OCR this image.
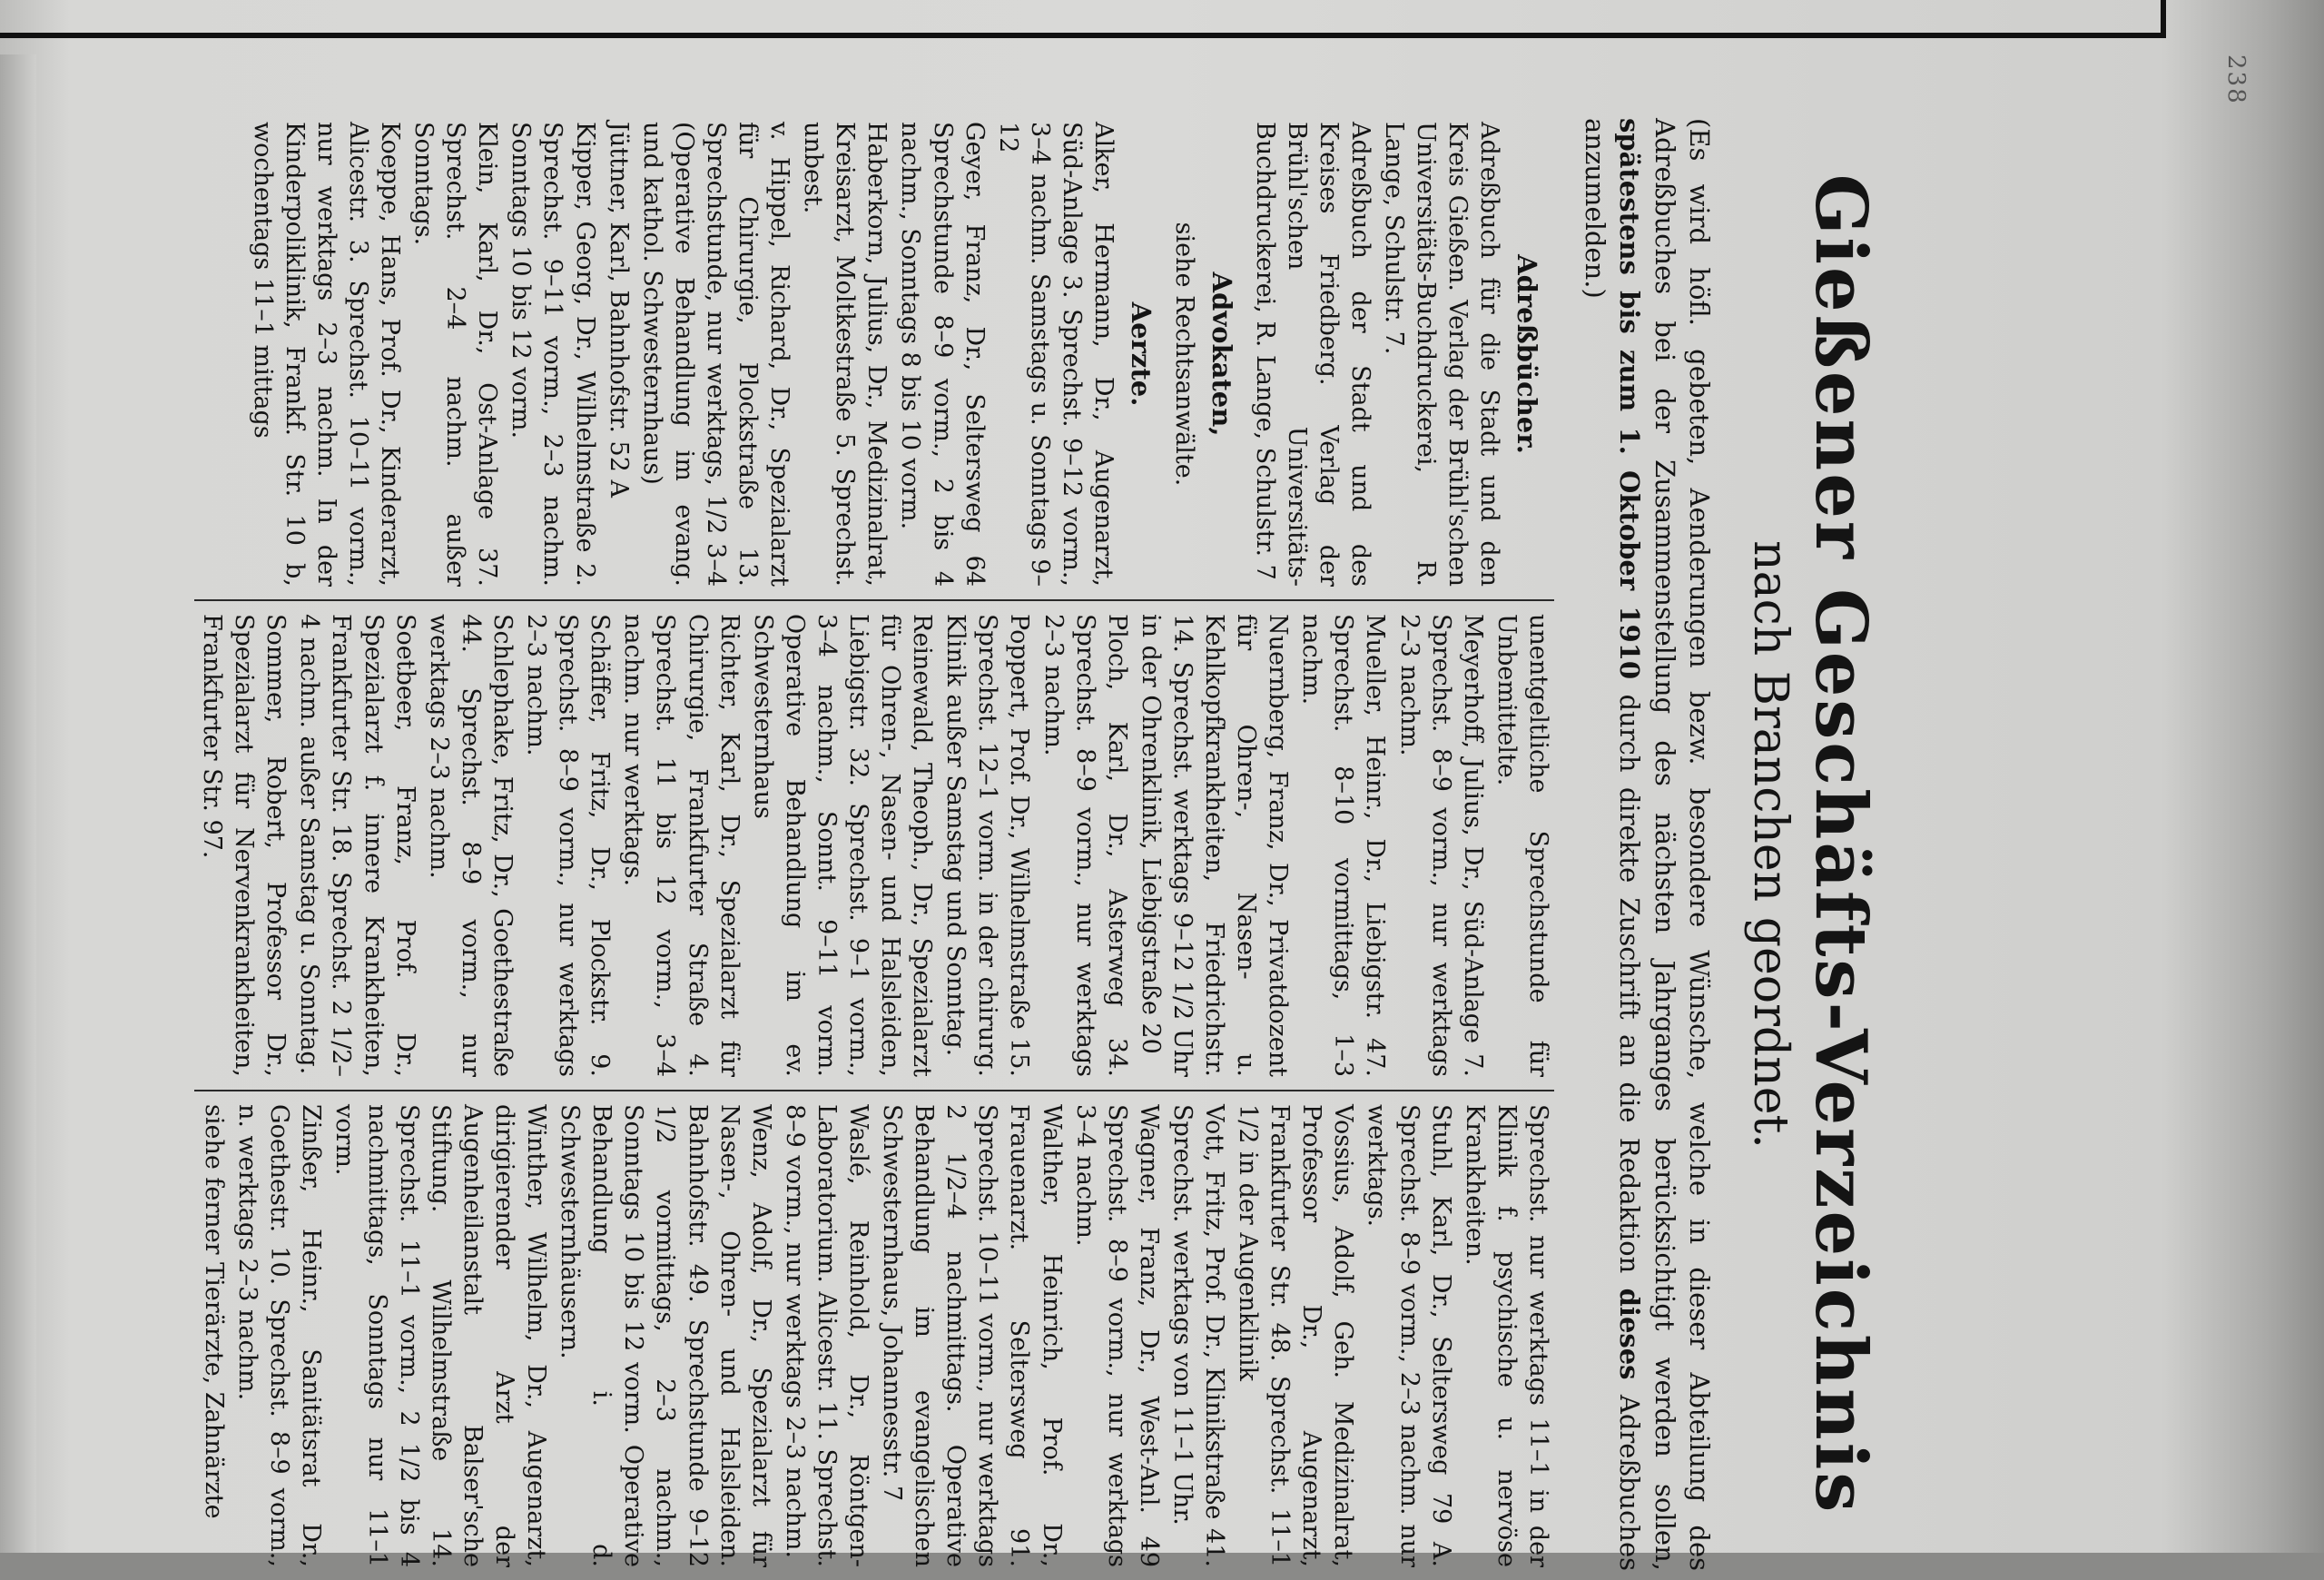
238
Gießener Geschäfts-Verzeichnis
nach Branchen geordnet.
(Es wird höfl. gebeten, Aenderungen bezw. besondere Wünsche, welche in dieser Abteilung des Adreßbuches bei der Zusammenstellung des nächsten Jahrganges berücksichtigt werden sollen, spätestens bis zum 1. Oktober 1910 durch direkte Zuschrift an die Redaktion dieses Adreßbuches anzumelden.)
Adreßbücher.
Adreßbuch für die Stadt und den Kreis Gießen. Verlag der Brühl'schen Universitäts-Buchdruckerei, R. Lange, Schulstr. 7.
Adreßbuch der Stadt und des Kreises Friedberg. Verlag der Brühl'schen Universitäts-Buchdruckerei, R. Lange, Schulstr. 7
Advokaten,
siehe Rechtsanwälte.
Aerzte.
Alker, Hermann, Dr., Augenarzt, Süd-Anlage 3. Sprechst. 9–12 vorm., 3–4 nachm. Samstags u. Sonntags 9–12
Geyer, Franz, Dr., Seltersweg 64 Sprechstunde 8–9 vorm., 2 bis 4 nachm., Sonntags 8 bis 10 vorm.
Haberkorn, Julius, Dr., Medizinalrat, Kreisarzt, Moltkestraße 5. Sprechst. unbest.
v. Hippel, Richard, Dr., Spezialarzt für Chirurgie, Plockstraße 13. Sprechstunde, nur werktags, 1/2 3–4 (Operative Behandlung im evang. und kathol. Schwesternhaus)
Jüttner, Karl, Bahnhofstr. 52 A
Kipper, Georg, Dr., Wilhelmstraße 2. Sprechst. 9–11 vorm., 2–3 nachm. Sonntags 10 bis 12 vorm.
Klein, Karl, Dr., Ost-Anlage 37. Sprechst. 2–4 nachm. außer Sonntags.
Koeppe, Hans, Prof. Dr., Kinderarzt, Alicestr. 3. Sprechst. 10–11 vorm., nur werktags 2–3 nachm. In der Kinderpoliklinik, Frankf. Str. 10 b, wochentags 11–1 mittags
unentgeltliche Sprechstunde für Unbemittelte.
Meyerhoff, Julius, Dr., Süd-Anlage 7. Sprechst. 8–9 vorm., nur werktags 2–3 nachm.
Mueller, Heinr., Dr., Liebigstr. 47. Sprechst. 8–10 vormittags, 1–3 nachm.
Nuernberg, Franz, Dr., Privatdozent für Ohren-, Nasen- u. Kehlkopfkrankheiten, Friedrichstr. 14. Sprechst. werktags 9–12 1/2 Uhr in der Ohrenklinik, Liebigstraße 20
Ploch, Karl, Dr., Asterweg 34. Sprechst. 8–9 vorm., nur werktags 2–3 nachm.
Poppert, Prof. Dr., Wilhelmstraße 15. Sprechst. 12–1 vorm. in der chirurg. Klinik außer Samstag und Sonntag.
Reinewald, Theoph., Dr., Spezialarzt für Ohren-, Nasen- und Halsleiden, Liebigstr. 32. Sprechst. 9–1 vorm., 3–4 nachm., Sonnt. 9–11 vorm. Operative Behandlung im ev. Schwesternhaus
Richter, Karl, Dr., Spezialarzt für Chirurgie, Frankfurter Straße 4. Sprechst. 11 bis 12 vorm., 3–4 nachm. nur werktags.
Schäffer, Fritz, Dr., Plockstr. 9. Sprechst. 8–9 vorm., nur werktags 2–3 nachm.
Schlephake, Fritz, Dr., Goethestraße 44. Sprechst. 8–9 vorm., nur werktags 2–3 nachm.
Soetbeer, Franz, Prof. Dr., Spezialarzt f. innere Krankheiten, Frankfurter Str. 18. Sprechst. 2 1/2–4 nachm. außer Samstag u. Sonntag.
Sommer, Robert, Professor Dr., Spezialarzt für Nervenkrankheiten, Frankfurter Str. 97.
Sprechst. nur werktags 11–1 in der Klinik f. psychische u. nervöse Krankheiten.
Stuhl, Karl, Dr., Seltersweg 79 A. Sprechst. 8–9 vorm., 2–3 nachm. nur werktags.
Vossius, Adolf, Geh. Medizinalrat, Professor Dr., Augenarzt, Frankfurter Str. 48. Sprechst. 11–1 1/2 in der Augenklinik
Vott, Fritz, Prof. Dr., Klinikstraße 41. Sprechst. werktags von 11–1 Uhr.
Wagner, Franz, Dr., West-Anl. 49 Sprechst. 8–9 vorm., nur werktags 3–4 nachm.
Walther, Heinrich, Prof. Dr., Frauenarzt. Seltersweg 91. Sprechst. 10–11 vorm., nur werktags 2 1/2–4 nachmittags. Operative Behandlung im evangelischen Schwesternhaus, Johannesstr. 7
Waslé, Reinhold, Dr., Röntgen-Laboratorium. Alicestr. 11. Sprechst. 8–9 vorm., nur werktags 2–3 nachm.
Wenz, Adolf, Dr., Spezialarzt für Nasen-, Ohren- und Halsleiden. Bahnhofstr. 49. Sprechstunde 9–12 1/2 vormittags, 2–3 nachm., Sonntags 10 bis 12 vorm. Operative Behandlung i. d. Schwesternhäusern.
Winther, Wilhelm, Dr., Augenarzt, dirigierender Arzt der Augenheilanstalt Balser'sche Stiftung. Wilhelmstraße 14. Sprechst. 11–1 vorm., 2 1/2 bis 4 nachmittags, Sonntags nur 11–1 vorm.
Zinßer, Heinr., Sanitätsrat Dr., Goethestr. 10. Sprechst. 8–9 vorm., n. werktags 2–3 nachm.
siehe ferner Tierärzte, Zahnärzte
